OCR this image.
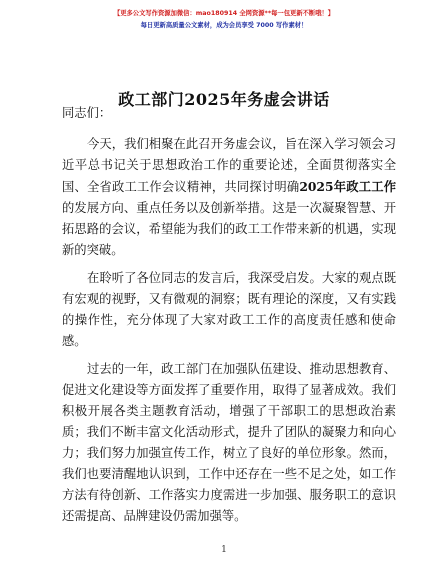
【更多公文写作资源加微信：mao180914 全网资源**每一包更新不断哦！】
每日更新高质量公文素材，成为会员享受 7000 写作素材！
政工部门2025年务虚会讲话

同志们：

今天，我们相聚在此召开务虚会议，旨在深入学习领会习近平总书记关于思想政治工作的重要论述，全面贯彻落实全国、全省政工工作会议精神，共同探讨明确2025年政工工作的发展方向、重点任务以及创新举措。这是一次凝聚智慧、开拓思路的会议，希望能为我们的政工工作带来新的机遇，实现新的突破。

在聆听了各位同志的发言后，我深受启发。大家的观点既有宏观的视野，又有微观的洞察；既有理论的深度，又有实践的操作性，充分体现了大家对政工工作的高度责任感和使命感。

过去的一年，政工部门在加强队伍建设、推动思想教育、促进文化建设等方面发挥了重要作用，取得了显著成效。我们积极开展各类主题教育活动，增强了干部职工的思想政治素质；我们不断丰富文化活动形式，提升了团队的凝聚力和向心力；我们努力加强宣传工作，树立了良好的单位形象。然而，我们也要清醒地认识到，工作中还存在一些不足之处，如工作方法有待创新、工作落实力度需进一步加强、服务职工的意识还需提高、品牌建设仍需加强等。

1
